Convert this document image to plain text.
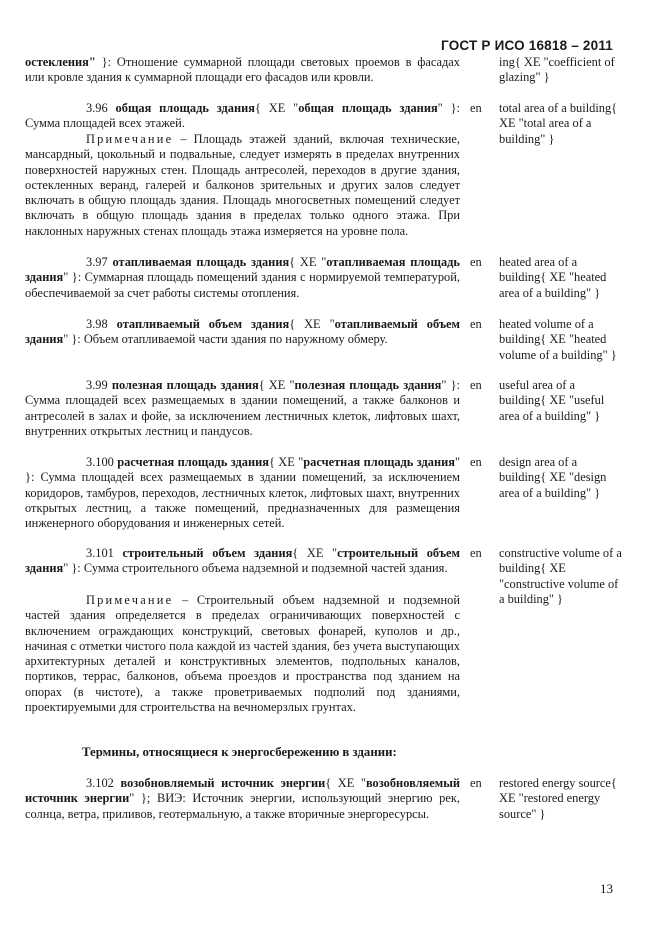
ГОСТ Р ИСО 16818 – 2011
остекления" }: Отношение суммарной площади световых проемов в фасадах или кровле здания к суммарной площади его фасадов или кровли.
ing{ XE "coefficient of glazing" }
3.96 общая площадь здания{ XE "общая площадь здания" }: Сумма площадей всех этажей.
en total area of a building{ XE "total area of a building" }
Примечание – Площадь этажей зданий, включая технические, мансардный, цокольный и подвальные, следует измерять в пределах внутренних поверхностей наружных стен. Площадь антресолей, переходов в другие здания, остекленных веранд, галерей и балконов зрительных и других залов следует включать в общую площадь здания. Площадь многосветных помещений следует включать в общую площадь здания в пределах только одного этажа. При наклонных наружных стенах площадь этажа измеряется на уровне пола.
3.97 отапливаемая площадь здания{ XE "отапливаемая площадь здания" }: Суммарная площадь помещений здания с нормируемой температурой, обеспечиваемой за счет работы системы отопления.
en heated area of a building{ XE "heated area of a building" }
3.98 отапливаемый объем здания{ XE "отапливаемый объем здания" }: Объем отапливаемой части здания по наружному обмеру.
en heated volume of a building{ XE "heated volume of a building" }
3.99 полезная площадь здания{ XE "полезная площадь здания" }: Сумма площадей всех размещаемых в здании помещений, а также балконов и антресолей в залах и фойе, за исключением лестничных клеток, лифтовых шахт, внутренних открытых лестниц и пандусов.
en useful area of a building{ XE "useful area of a building" }
3.100 расчетная площадь здания{ XE "расчетная площадь здания" }: Сумма площадей всех размещаемых в здании помещений, за исключением коридоров, тамбуров, переходов, лестничных клеток, лифтовых шахт, внутренних открытых лестниц, а также помещений, предназначенных для размещения инженерного оборудования и инженерных сетей.
en design area of a building{ XE "design area of a building" }
3.101 строительный объем здания{ XE "строительный объем здания" }: Сумма строительного объема надземной и подземной частей здания.
en constructive volume of a building{ XE "constructive volume of a building" }
Примечание – Строительный объем надземной и подземной частей здания определяется в пределах ограничивающих поверхностей с включением ограждающих конструкций, световых фонарей, куполов и др., начиная с отметки чистого пола каждой из частей здания, без учета выступающих архитектурных деталей и конструктивных элементов, подпольных каналов, портиков, террас, балконов, объема проездов и пространства под зданием на опорах (в чистоте), а также проветриваемых подполий под зданиями, проектируемыми для строительства на вечномерзлых грунтах.
Термины, относящиеся к энергосбережению в здании:
3.102 возобновляемый источник энергии{ XE "возобновляемый источник энергии" }; ВИЭ: Источник энергии, использующий энергию рек, солнца, ветра, приливов, геотермальную, а также вторичные энергоресурсы.
en restored energy source{ XE "restored energy source" }
13
